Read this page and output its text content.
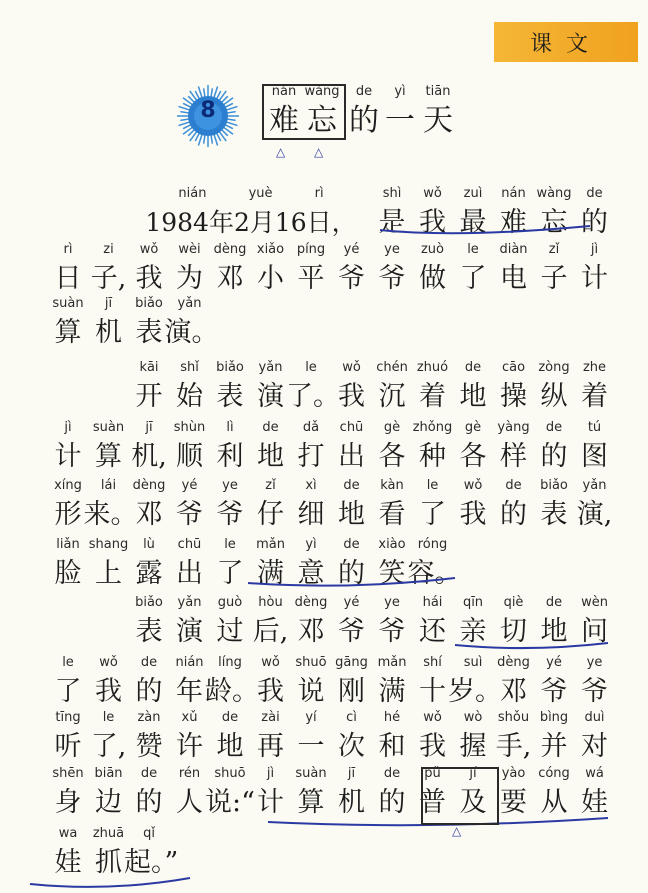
课文
8
nán
难
wàng
忘
de
的
yì
一
tiān
天
△ △
nián yuè rì
1984年2月16日，
shì
是
wǒ
我
zuì
最
nán
难
wàng
忘
de
的
rì
日
zi
子,
wǒ
我
wèi
为
dèng
邓
xiǎo
小
píng
平
yé
爷
ye
爷
zuò
做
le
了
diàn
电
zǐ
子
jì
计
suàn
算
jī
机
biǎo
表
yǎn
演。
kāi
开
shǐ
始
biǎo
表
yǎn
演
le
了。
wǒ
我
chén
沉
zhuó
着
de
地
cāo
操
zòng
纵
zhe
着
jì
计
suàn
算
jī
机,
shùn
顺
lì
利
de
地
dǎ
打
chū
出
gè
各
zhǒng
种
gè
各
yàng
样
de
的
tú
图
xíng
形
lái
来。
dèng
邓
yé
爷
ye
爷
zǐ
仔
xì
细
de
地
kàn
看
le
了
wǒ
我
de
的
biǎo
表
yǎn
演,
liǎn
脸
shang
上
lù
露
chū
出
le
了
mǎn
满
yì
意
de
的
xiào
笑
róng
容。
biǎo
表
yǎn
演
guò
过
hòu
后,
dèng
邓
yé
爷
ye
爷
hái
还
qīn
亲
qiè
切
de
地
wèn
问
le
了
wǒ
我
de
的
nián
年
líng
龄。
wǒ
我
shuō
说
gāng
刚
mǎn
满
shí
十
suì
岁。
dèng
邓
yé
爷
ye
爷
tīng
听
le
了,
zàn
赞
xǔ
许
de
地
zài
再
yí
一
cì
次
hé
和
wǒ
我
wò
握
shǒu
手,
bìng
并
duì
对
shēn
身
biān
边
de
的
rén
人
shuō
说:“
jì
计
suàn
算
jī
机
de
的
pǔ
普
jí
及
yào
要
cóng
从
wá
娃
wa
娃
zhuā
抓
qǐ
起。”
△
